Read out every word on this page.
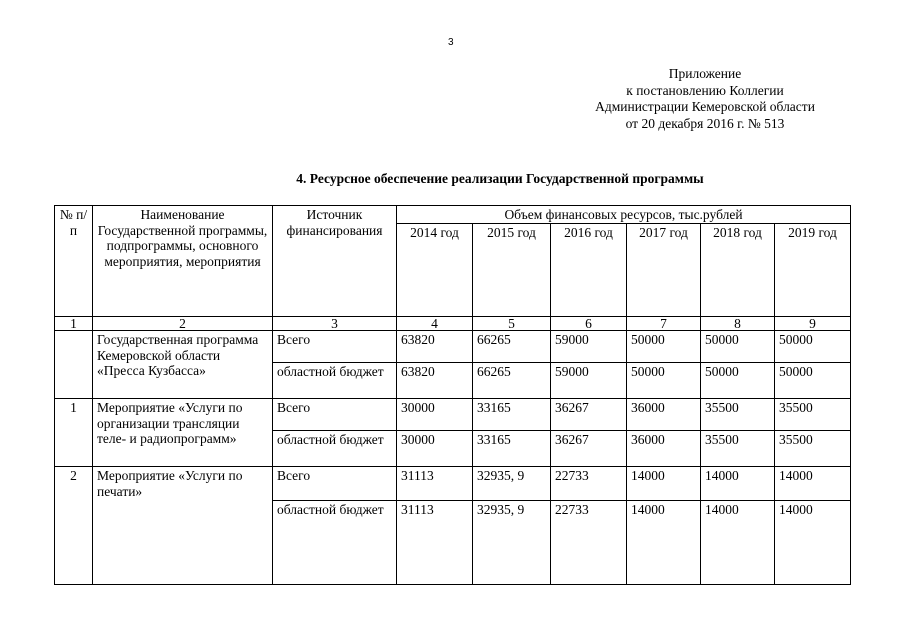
3
Приложение
к постановлению Коллегии
Администрации Кемеровской области
от 20 декабря 2016 г. № 513
4. Ресурсное обеспечение реализации Государственной программы
№ п/п	Наименование Государственной программы, подпрограммы, основного мероприятия, мероприятия	Источник финансирования	Объем финансовых ресурсов, тыс.рублей					
			2014 год	2015 год	2016 год	2017 год	2018 год	2019 год
1	2	3	4	5	6	7	8	9
	Государственная программа Кемеровской области «Пресса Кузбасса»	Всего	63820	66265	59000	50000	50000	50000
		областной бюджет	63820	66265	59000	50000	50000	50000
1	Мероприятие «Услуги по организации трансляции теле- и радиопрограмм»	Всего	30000	33165	36267	36000	35500	35500
		областной бюджет	30000	33165	36267	36000	35500	35500
2	Мероприятие «Услуги по печати»	Всего	31113	32935, 9	22733	14000	14000	14000
		областной бюджет	31113	32935, 9	22733	14000	14000	14000
